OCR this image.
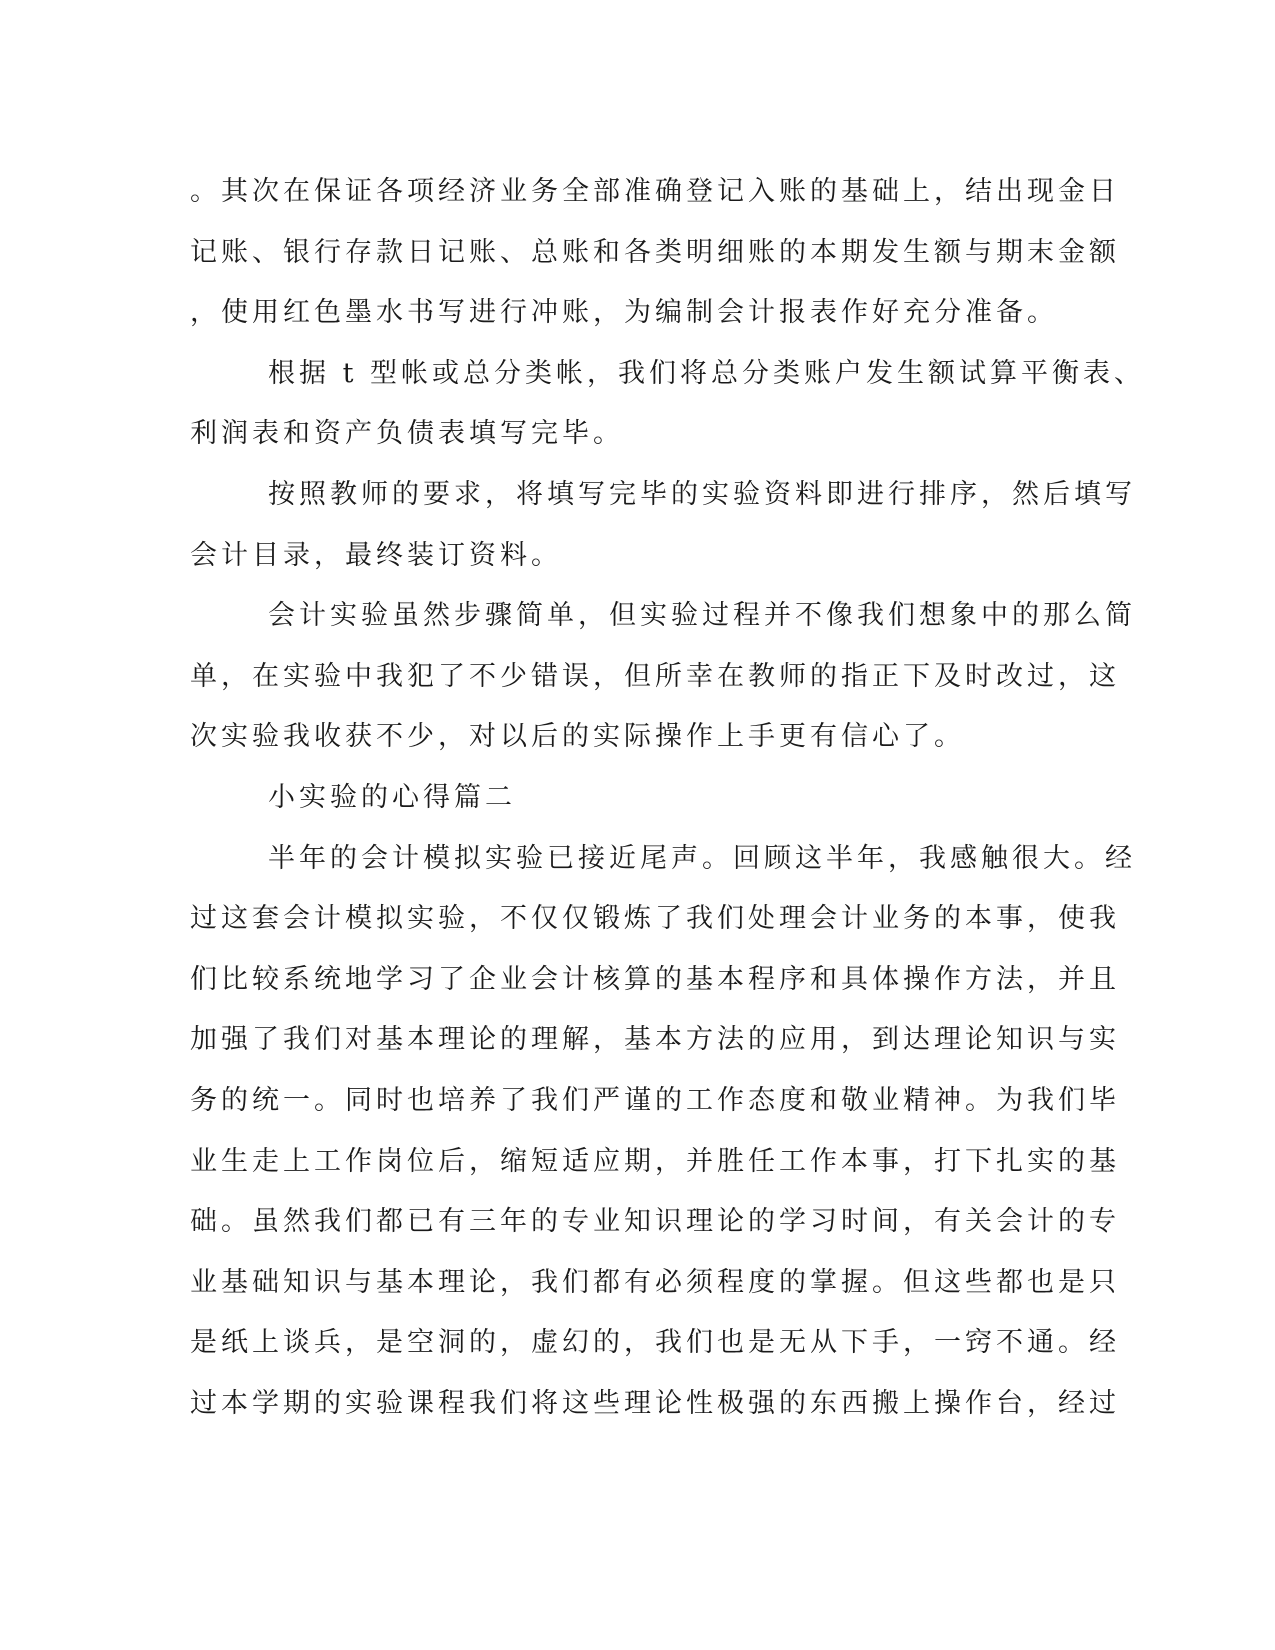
。其次在保证各项经济业务全部准确登记入账的基础上，结出现金日
记账、银行存款日记账、总账和各类明细账的本期发生额与期末金额
，使用红色墨水书写进行冲账，为编制会计报表作好充分准备。
根据 t 型帐或总分类帐，我们将总分类账户发生额试算平衡表、
利润表和资产负债表填写完毕。
按照教师的要求，将填写完毕的实验资料即进行排序，然后填写
会计目录，最终装订资料。
会计实验虽然步骤简单，但实验过程并不像我们想象中的那么简
单，在实验中我犯了不少错误，但所幸在教师的指正下及时改过，这
次实验我收获不少，对以后的实际操作上手更有信心了。
小实验的心得篇二
半年的会计模拟实验已接近尾声。回顾这半年，我感触很大。经
过这套会计模拟实验，不仅仅锻炼了我们处理会计业务的本事，使我
们比较系统地学习了企业会计核算的基本程序和具体操作方法，并且
加强了我们对基本理论的理解，基本方法的应用，到达理论知识与实
务的统一。同时也培养了我们严谨的工作态度和敬业精神。为我们毕
业生走上工作岗位后，缩短适应期，并胜任工作本事，打下扎实的基
础。虽然我们都已有三年的专业知识理论的学习时间，有关会计的专
业基础知识与基本理论，我们都有必须程度的掌握。但这些都也是只
是纸上谈兵，是空洞的，虚幻的，我们也是无从下手，一窍不通。经
过本学期的实验课程我们将这些理论性极强的东西搬上操作台，经过
